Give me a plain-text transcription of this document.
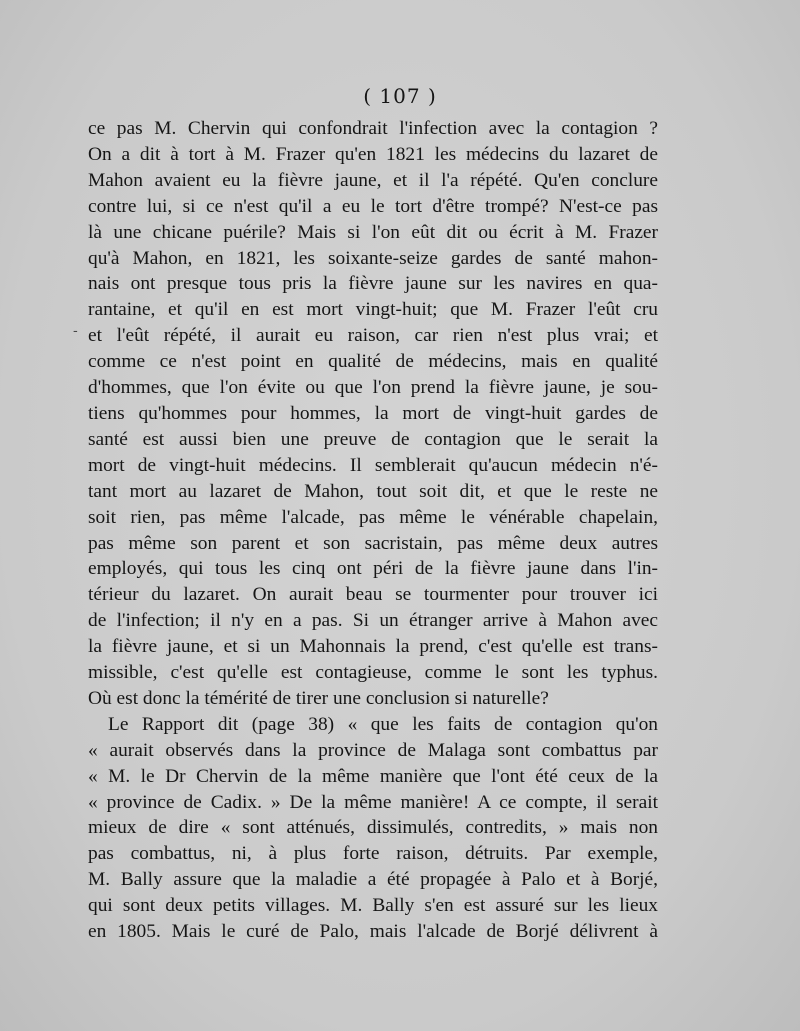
( 107 )
-
ce pas M. Chervin qui confondrait l'infection avec la contagion ?
On a dit à tort à M. Frazer qu'en 1821 les médecins du lazaret de
Mahon avaient eu la fièvre jaune, et il l'a répété. Qu'en conclure
contre lui, si ce n'est qu'il a eu le tort d'être trompé? N'est-ce pas
là une chicane puérile? Mais si l'on eût dit ou écrit à M. Frazer
qu'à Mahon, en 1821, les soixante-seize gardes de santé mahon-
nais ont presque tous pris la fièvre jaune sur les navires en qua-
rantaine, et qu'il en est mort vingt-huit; que M. Frazer l'eût cru
et l'eût répété, il aurait eu raison, car rien n'est plus vrai; et
comme ce n'est point en qualité de médecins, mais en qualité
d'hommes, que l'on évite ou que l'on prend la fièvre jaune, je sou-
tiens qu'hommes pour hommes, la mort de vingt-huit gardes de
santé est aussi bien une preuve de contagion que le serait la
mort de vingt-huit médecins. Il semblerait qu'aucun médecin n'é-
tant mort au lazaret de Mahon, tout soit dit, et que le reste ne
soit rien, pas même l'alcade, pas même le vénérable chapelain,
pas même son parent et son sacristain, pas même deux autres
employés, qui tous les cinq ont péri de la fièvre jaune dans l'in-
térieur du lazaret. On aurait beau se tourmenter pour trouver ici
de l'infection; il n'y en a pas. Si un étranger arrive à Mahon avec
la fièvre jaune, et si un Mahonnais la prend, c'est qu'elle est trans-
missible, c'est qu'elle est contagieuse, comme le sont les typhus.
Où est donc la témérité de tirer une conclusion si naturelle?
Le Rapport dit (page 38) « que les faits de contagion qu'on
« aurait observés dans la province de Malaga sont combattus par
« M. le Dr Chervin de la même manière que l'ont été ceux de la
« province de Cadix. » De la même manière! A ce compte, il serait
mieux de dire « sont atténués, dissimulés, contredits, » mais non
pas combattus, ni, à plus forte raison, détruits. Par exemple,
M. Bally assure que la maladie a été propagée à Palo et à Borjé,
qui sont deux petits villages. M. Bally s'en est assuré sur les lieux
en 1805. Mais le curé de Palo, mais l'alcade de Borjé délivrent à
